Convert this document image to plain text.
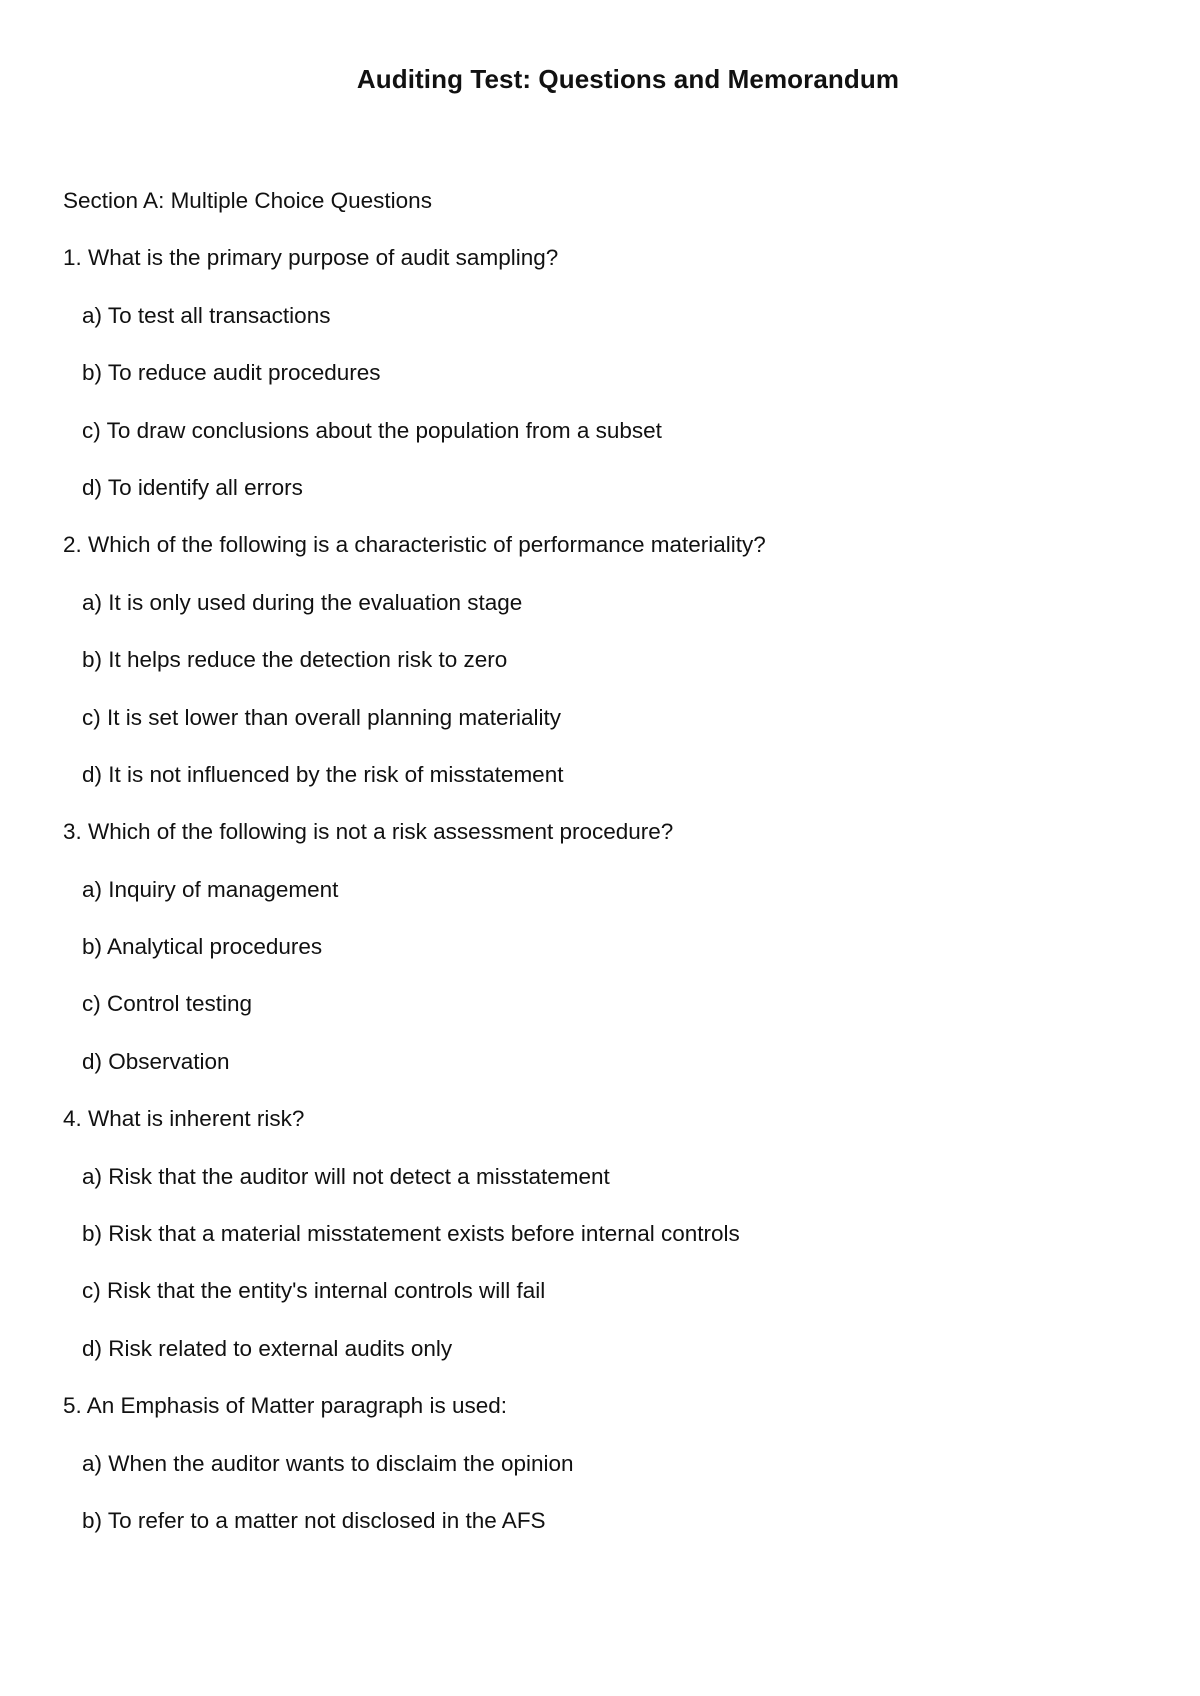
Auditing Test: Questions and Memorandum
Section A: Multiple Choice Questions
1. What is the primary purpose of audit sampling?
a) To test all transactions
b) To reduce audit procedures
c) To draw conclusions about the population from a subset
d) To identify all errors
2. Which of the following is a characteristic of performance materiality?
a) It is only used during the evaluation stage
b) It helps reduce the detection risk to zero
c) It is set lower than overall planning materiality
d) It is not influenced by the risk of misstatement
3. Which of the following is not a risk assessment procedure?
a) Inquiry of management
b) Analytical procedures
c) Control testing
d) Observation
4. What is inherent risk?
a) Risk that the auditor will not detect a misstatement
b) Risk that a material misstatement exists before internal controls
c) Risk that the entity's internal controls will fail
d) Risk related to external audits only
5. An Emphasis of Matter paragraph is used:
a) When the auditor wants to disclaim the opinion
b) To refer to a matter not disclosed in the AFS
